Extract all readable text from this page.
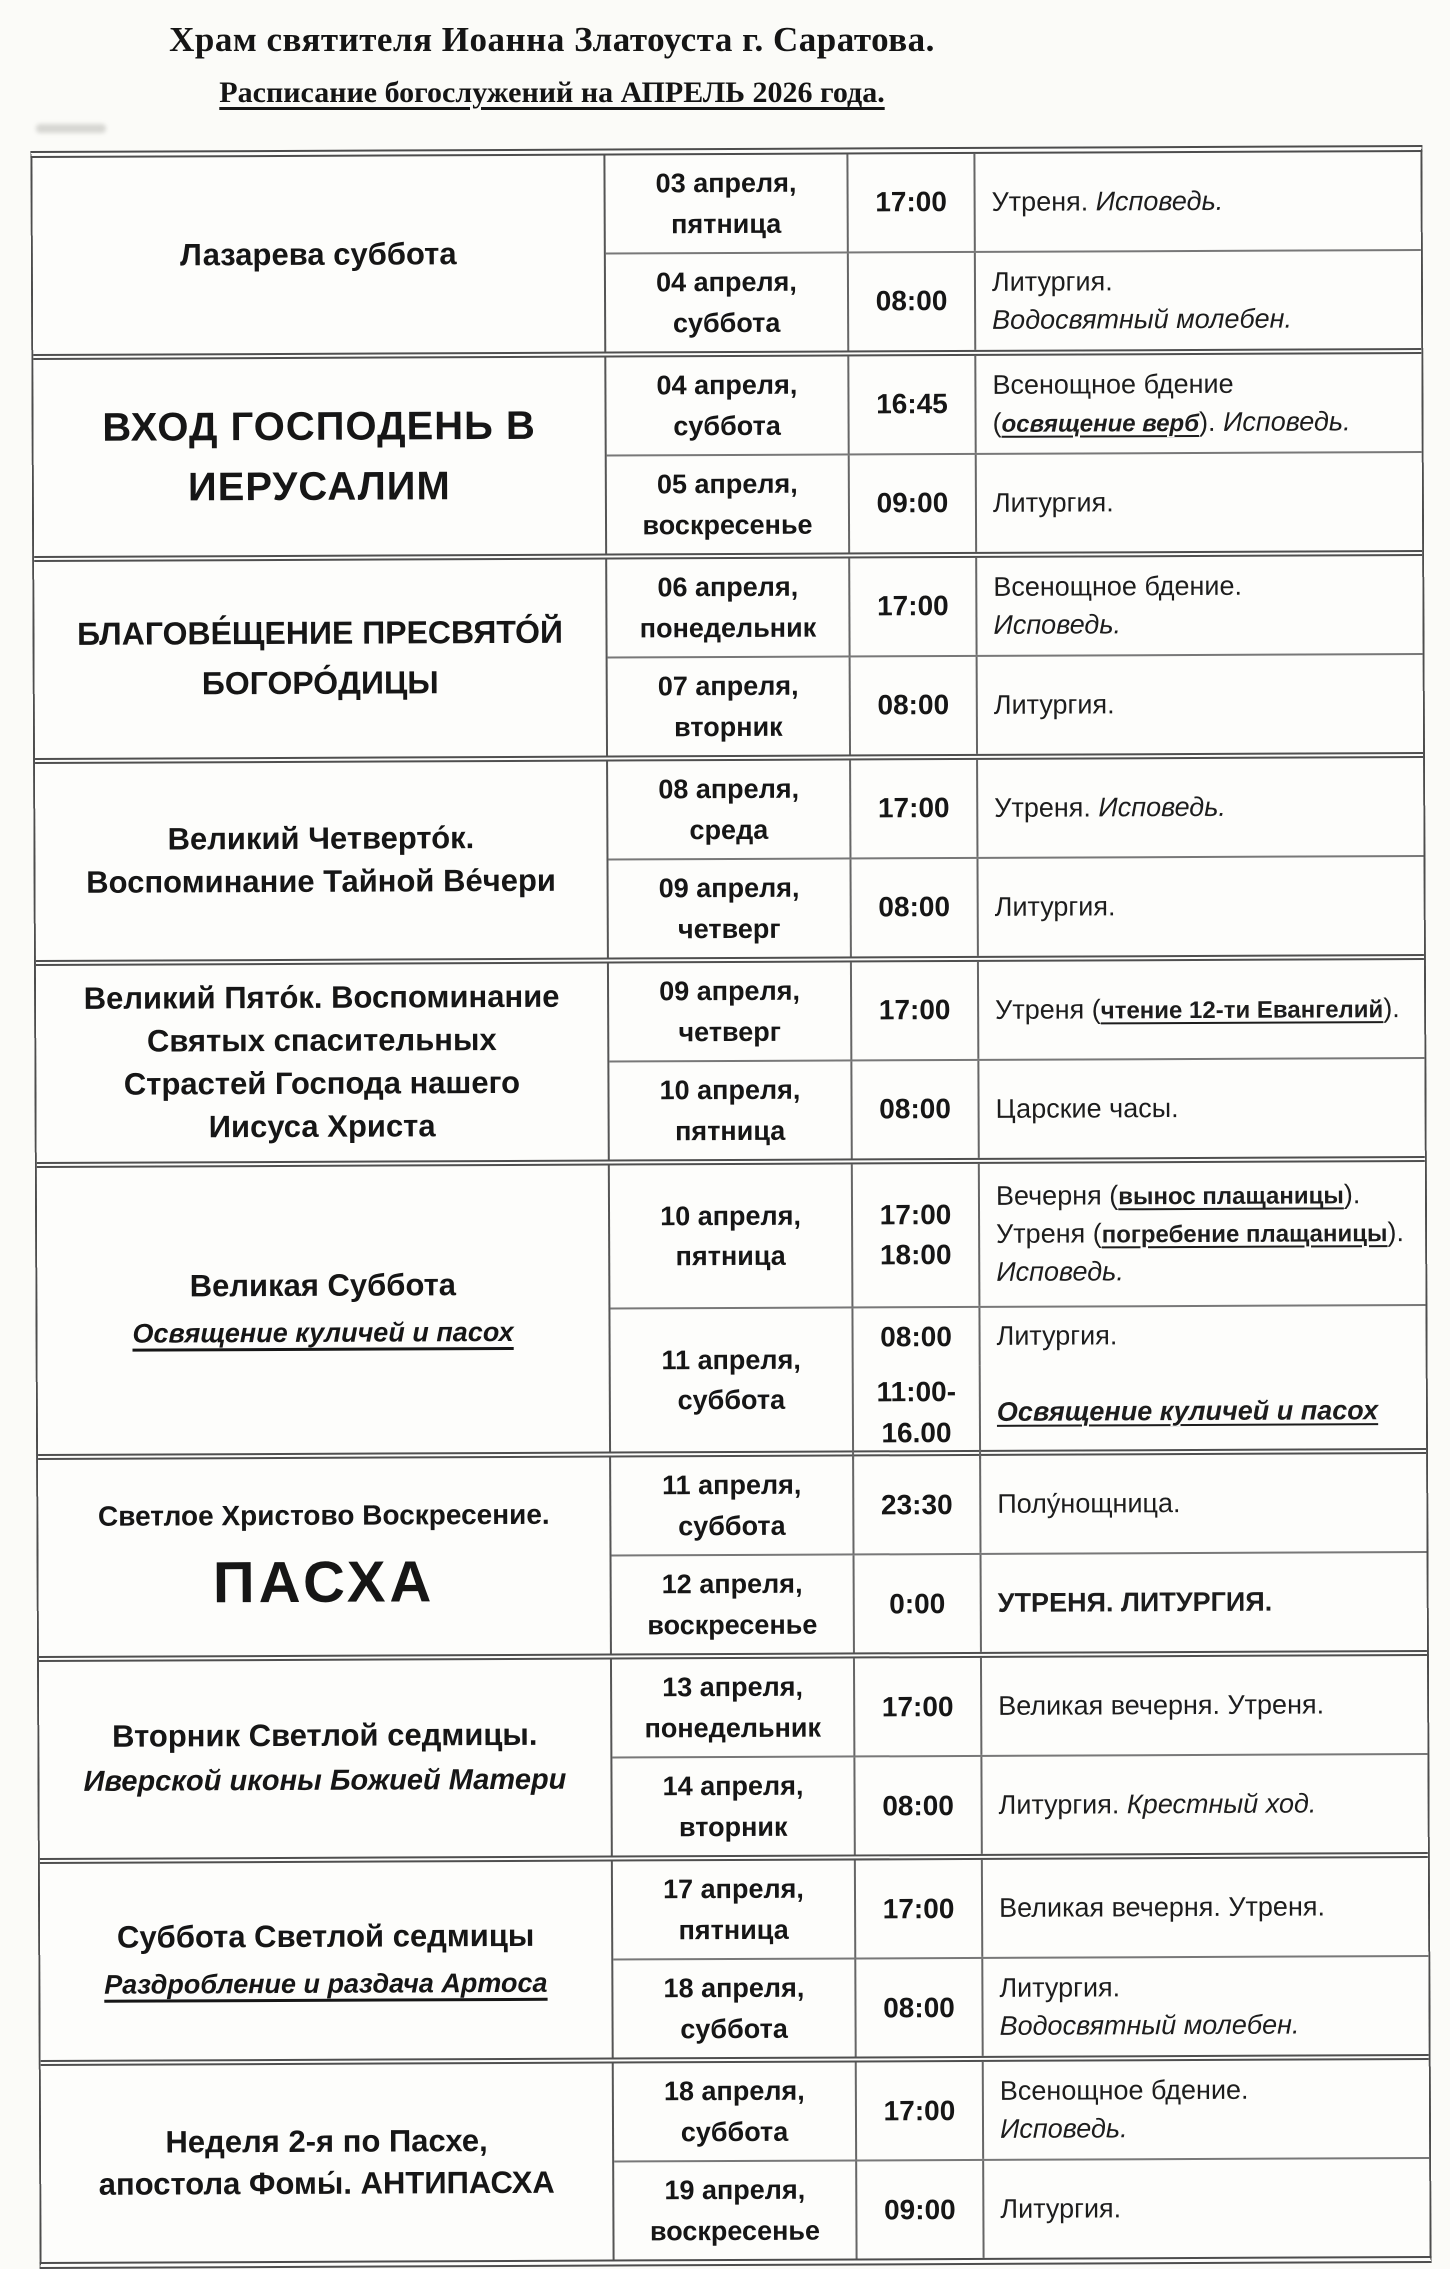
Храм святителя Иоанна Златоуста г. Саратова.
Расписание богослужений на АПРЕЛЬ 2026 года.
Лазарева суббота
03 апреля,
пятница
17:00 Утреня. Исповедь.
04 апреля,
суббота
08:00
Литургия.
Водосвятный молебен.
ВХОД ГОСПОДЕНЬ В
ИЕРУСАЛИМ
04 апреля,
суббота
16:45
Всенощное бдение
(освящение верб). Исповедь.
05 апреля,
воскресенье
09:00 Литургия.
БЛАГОВЕ́ЩЕНИЕ ПРЕСВЯТО́Й
БОГОРО́ДИЦЫ
06 апреля,
понедельник
17:00
Всенощное бдение.
Исповедь.
07 апреля,
вторник
08:00 Литургия.
Великий Четверто́к.
Воспоминание Тайной Ве́чери
08 апреля,
среда
17:00 Утреня. Исповедь.
09 апреля,
четверг
08:00 Литургия.
Великий Пято́к. Воспоминание
Святых спасительных
Страстей Господа нашего
Иисуса Христа
09 апреля,
четверг
17:00 Утреня (чтение 12-ти Евангелий).
10 апреля,
пятница
08:00 Царские часы.
Великая Суббота
Освящение куличей и пасох
10 апреля,
пятница
17:00
18:00
Вечерня (вынос плащаницы).
Утреня (погребение плащаницы).
Исповедь.
11 апреля,
суббота
08:00 Литургия.
11:00-
16.00
Освящение куличей и пасох
Светлое Христово Воскресение.
ПАСХА
11 апреля,
суббота
23:30 Полу́нощница.
12 апреля,
воскресенье
0:00 УТРЕНЯ. ЛИТУРГИЯ.
Вторник Светлой седмицы.
Иверской иконы Божией Матери
13 апреля,
понедельник
17:00 Великая вечерня. Утреня.
14 апреля,
вторник
08:00 Литургия. Крестный ход.
Суббота Светлой седмицы
Раздробление и раздача Артоса
17 апреля,
пятница
17:00 Великая вечерня. Утреня.
18 апреля,
суббота
08:00
Литургия.
Водосвятный молебен.
Неделя 2-я по Пасхе,
апостола Фомы́. АНТИПАСХА
18 апреля,
суббота
17:00
Всенощное бдение.
Исповедь.
19 апреля,
воскресенье
09:00 Литургия.
